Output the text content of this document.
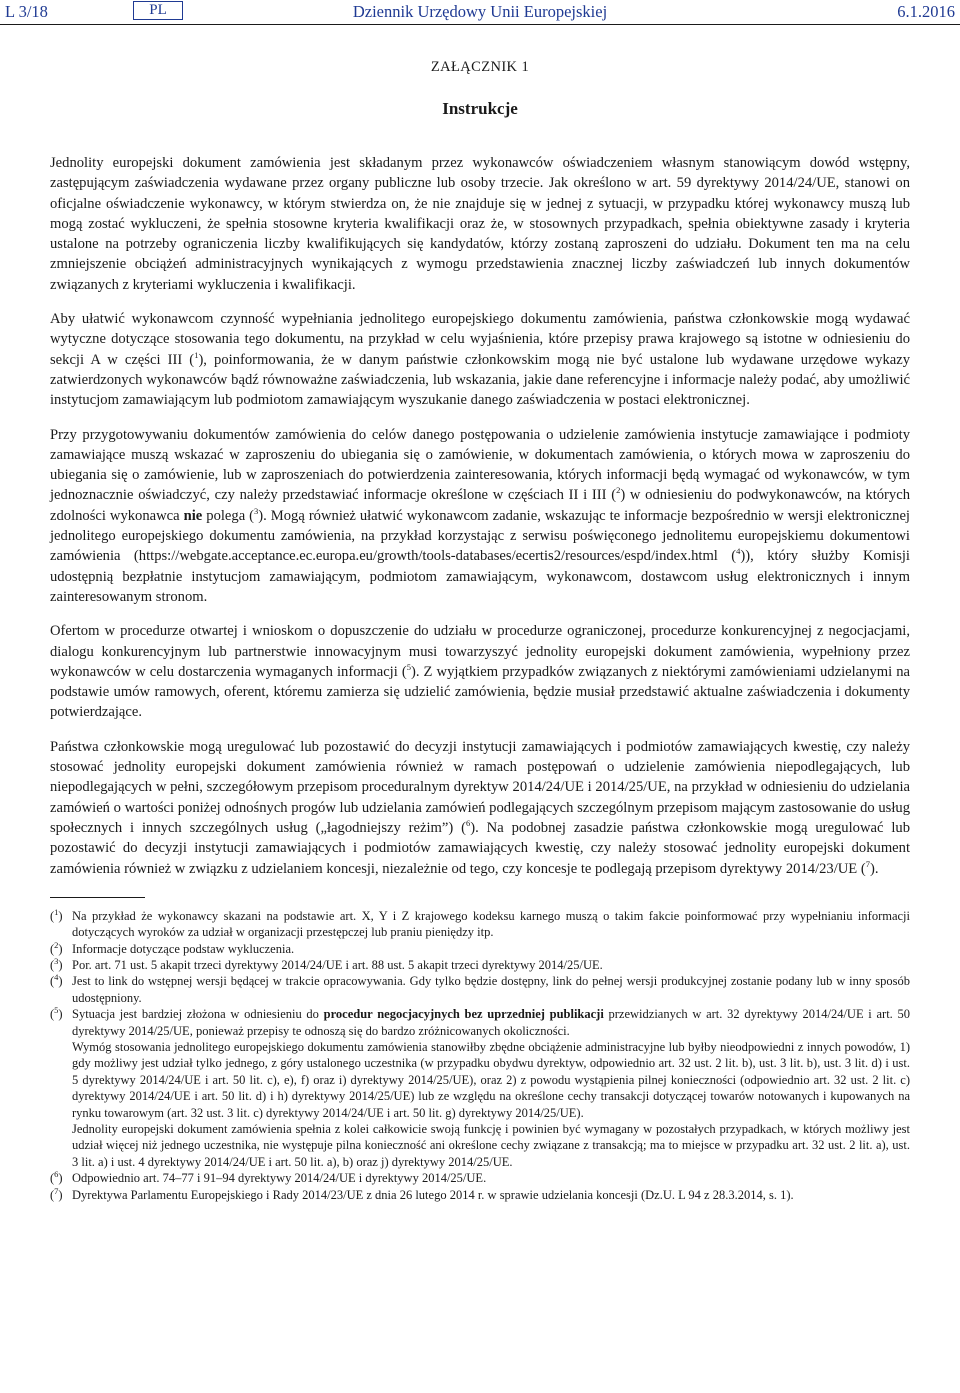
L 3/18	PL	Dziennik Urzędowy Unii Europejskiej	6.1.2016
ZAŁĄCZNIK 1
Instrukcje

Jednolity europejski dokument zamówienia jest składanym przez wykonawców oświadczeniem własnym stanowiącym dowód wstępny, zastępującym zaświadczenia wydawane przez organy publiczne lub osoby trzecie. Jak określono w art. 59 dyrektywy 2014/24/UE, stanowi on oficjalne oświadczenie wykonawcy, w którym stwierdza on, że nie znajduje się w jednej z sytuacji, w przypadku której wykonawcy muszą lub mogą zostać wykluczeni, że spełnia stosowne kryteria kwalifikacji oraz że, w stosownych przypadkach, spełnia obiektywne zasady i kryteria ustalone na potrzeby ograniczenia liczby kwalifikujących się kandydatów, którzy zostaną zaproszeni do udziału. Dokument ten ma na celu zmniejszenie obciążeń administracyjnych wynikających z wymogu przedstawienia znacznej liczby zaświadczeń lub innych dokumentów związanych z kryteriami wykluczenia i kwalifikacji.

Aby ułatwić wykonawcom czynność wypełniania jednolitego europejskiego dokumentu zamówienia, państwa członkowskie mogą wydawać wytyczne dotyczące stosowania tego dokumentu, na przykład w celu wyjaśnienia, które przepisy prawa krajowego są istotne w odniesieniu do sekcji A w części III ($^1$), poinformowania, że w danym państwie członkowskim mogą nie być ustalone lub wydawane urzędowe wykazy zatwierdzonych wykonawców bądź równoważne zaświadczenia, lub wskazania, jakie dane referencyjne i informacje należy podać, aby umożliwić instytucjom zamawiającym lub podmiotom zamawiającym wyszukanie danego zaświadczenia w postaci elektronicznej.

Przy przygotowywaniu dokumentów zamówienia do celów danego postępowania o udzielenie zamówienia instytucje zamawiające i podmioty zamawiające muszą wskazać w zaproszeniu do ubiegania się o zamówienie, w dokumentach zamówienia, o których mowa w zaproszeniu do ubiegania się o zamówienie, lub w zaproszeniach do potwierdzenia zainteresowania, których informacji będą wymagać od wykonawców, w tym jednoznacznie oświadczyć, czy należy przedstawiać informacje określone w częściach II i III ($^2$) w odniesieniu do podwykonawców, na których zdolności wykonawca nie polega ($^3$). Mogą również ułatwić wykonawcom zadanie, wskazując te informacje bezpośrednio w wersji elektronicznej jednolitego europejskiego dokumentu zamówienia, na przykład korzystając z serwisu poświęconego jednolitemu europejskiemu dokumentowi zamówienia (https://webgate.acceptance.ec.europa.eu/growth/tools-databases/ecertis2/resources/espd/index.html ($^4$)), który służby Komisji udostępnią bezpłatnie instytucjom zamawiającym, podmiotom zamawiającym, wykonawcom, dostawcom usług elektronicznych i innym zainteresowanym stronom.

Ofertom w procedurze otwartej i wnioskom o dopuszczenie do udziału w procedurze ograniczonej, procedurze konkurencyjnej z negocjacjami, dialogu konkurencyjnym lub partnerstwie innowacyjnym musi towarzyszyć jednolity europejski dokument zamówienia, wypełniony przez wykonawców w celu dostarczenia wymaganych informacji ($^5$). Z wyjątkiem przypadków związanych z niektórymi zamówieniami udzielanymi na podstawie umów ramowych, oferent, któremu zamierza się udzielić zamówienia, będzie musiał przedstawić aktualne zaświadczenia i dokumenty potwierdzające.

Państwa członkowskie mogą uregulować lub pozostawić do decyzji instytucji zamawiających i podmiotów zamawiających kwestię, czy należy stosować jednolity europejski dokument zamówienia również w ramach postępowań o udzielenie zamówienia niepodlegających, lub niepodlegających w pełni, szczegółowym przepisom proceduralnym dyrektyw 2014/24/UE i 2014/25/UE, na przykład w odniesieniu do udzielania zamówień o wartości poniżej odnośnych progów lub udzielania zamówień podlegających szczególnym przepisom mającym zastosowanie do usług społecznych i innych szczególnych usług („łagodniejszy reżim”) ($^6$). Na podobnej zasadzie państwa członkowskie mogą uregulować lub pozostawić do decyzji instytucji zamawiających i podmiotów zamawiających kwestię, czy należy stosować jednolity europejski dokument zamówienia również w związku z udzielaniem koncesji, niezależnie od tego, czy koncesje te podlegają przepisom dyrektywy 2014/23/UE ($^7$).

($^1$) Na przykład że wykonawcy skazani na podstawie art. X, Y i Z krajowego kodeksu karnego muszą o takim fakcie poinformować przy wypełnianiu informacji dotyczących wyroków za udział w organizacji przestępczej lub praniu pieniędzy itp.
($^2$) Informacje dotyczące podstaw wykluczenia.
($^3$) Por. art. 71 ust. 5 akapit trzeci dyrektywy 2014/24/UE i art. 88 ust. 5 akapit trzeci dyrektywy 2014/25/UE.
($^4$) Jest to link do wstępnej wersji będącej w trakcie opracowywania. Gdy tylko będzie dostępny, link do pełnej wersji produkcyjnej zostanie podany lub w inny sposób udostępniony.
($^5$) Sytuacja jest bardziej złożona w odniesieniu do procedur negocjacyjnych bez uprzedniej publikacji przewidzianych w art. 32 dyrektywy 2014/24/UE i art. 50 dyrektywy 2014/25/UE, ponieważ przepisy te odnoszą się do bardzo zróżnicowanych okoliczności.
Wymóg stosowania jednolitego europejskiego dokumentu zamówienia stanowiłby zbędne obciążenie administracyjne lub byłby nieodpowiedni z innych powodów, 1) gdy możliwy jest udział tylko jednego, z góry ustalonego uczestnika (w przypadku obydwu dyrektyw, odpowiednio art. 32 ust. 2 lit. b), ust. 3 lit. b), ust. 3 lit. d) i ust. 5 dyrektywy 2014/24/UE i art. 50 lit. c), e), f) oraz i) dyrektywy 2014/25/UE), oraz 2) z powodu wystąpienia pilnej konieczności (odpowiednio art. 32 ust. 2 lit. c) dyrektywy 2014/24/UE i art. 50 lit. d) i h) dyrektywy 2014/25/UE) lub ze względu na określone cechy transakcji dotyczącej towarów notowanych i kupowanych na rynku towarowym (art. 32 ust. 3 lit. c) dyrektywy 2014/24/UE i art. 50 lit. g) dyrektywy 2014/25/UE).
Jednolity europejski dokument zamówienia spełnia z kolei całkowicie swoją funkcję i powinien być wymagany w pozostałych przypadkach, w których możliwy jest udział więcej niż jednego uczestnika, nie występuje pilna konieczność ani określone cechy związane z transakcją; ma to miejsce w przypadku art. 32 ust. 2 lit. a), ust. 3 lit. a) i ust. 4 dyrektywy 2014/24/UE i art. 50 lit. a), b) oraz j) dyrektywy 2014/25/UE.
($^6$) Odpowiednio art. 74–77 i 91–94 dyrektywy 2014/24/UE i dyrektywy 2014/25/UE.
($^7$) Dyrektywa Parlamentu Europejskiego i Rady 2014/23/UE z dnia 26 lutego 2014 r. w sprawie udzielania koncesji (Dz.U. L 94 z 28.3.2014, s. 1).
